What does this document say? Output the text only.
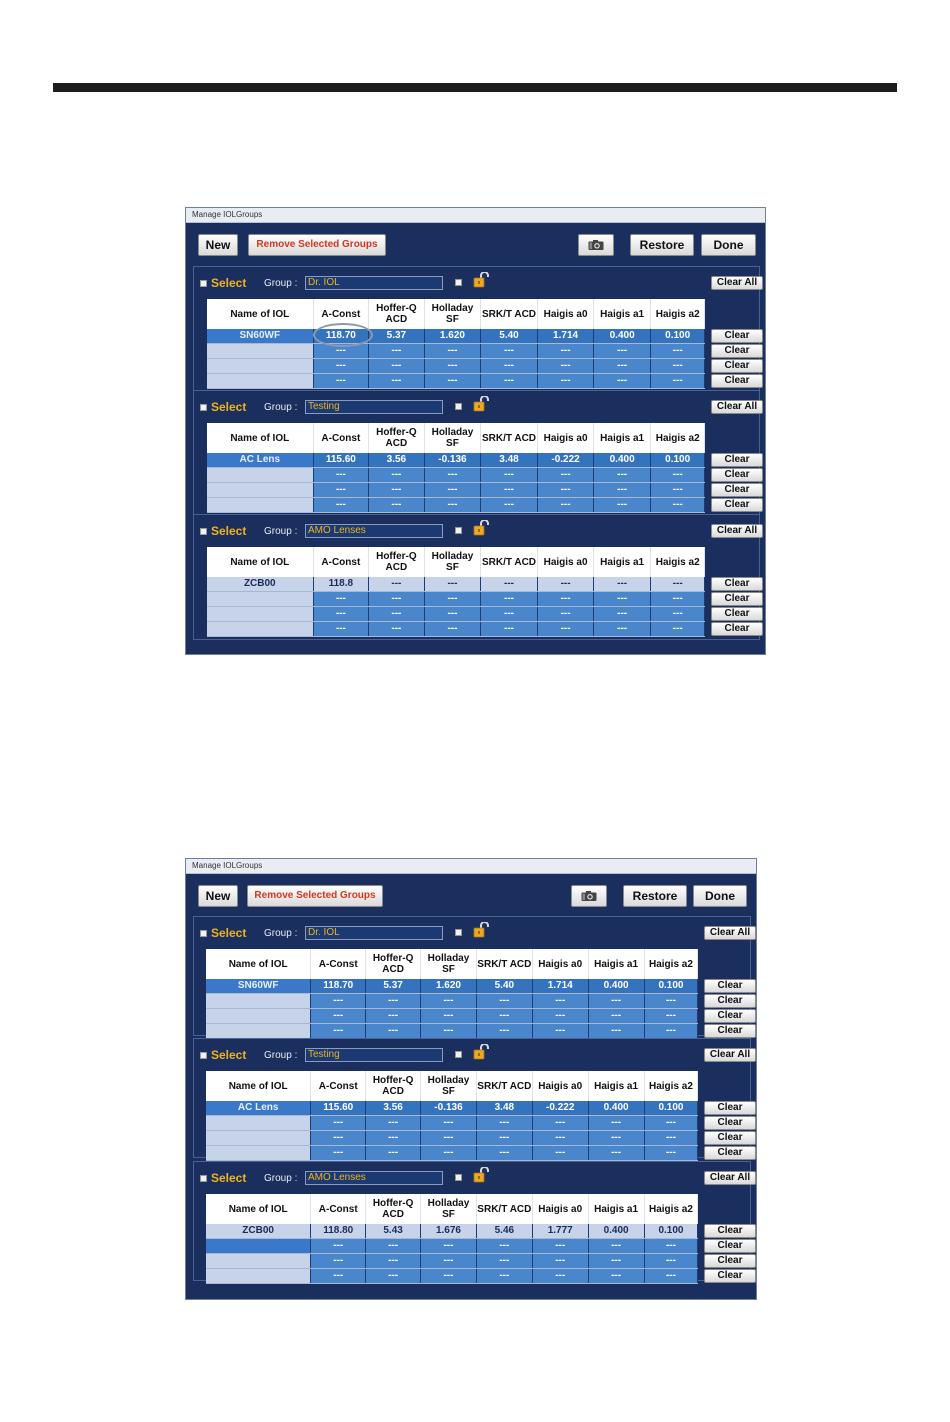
Manage IOLGroups
New	Remove Selected Groups	Restore	Done
Select Group :	Dr. IOL	Clear All
Name of IOL	A-Const	Hoffer-Q ACD	Holladay SF	SRK/T ACD	Haigis a0	Haigis a1	Haigis a2
SN60WF	118.70	5.37	1.620	5.40	1.714	0.400	0.100
	---	---	---	---	---	---	---
	---	---	---	---	---	---	---
	---	---	---	---	---	---	---
Clear
Clear
Clear
Clear
Select Group :	Testing	Clear All
Name of IOL	A-Const	Hoffer-Q ACD	Holladay SF	SRK/T ACD	Haigis a0	Haigis a1	Haigis a2
AC Lens	115.60	3.56	-0.136	3.48	-0.222	0.400	0.100
	---	---	---	---	---	---	---
	---	---	---	---	---	---	---
	---	---	---	---	---	---	---
Clear
Clear
Clear
Clear
Select Group :	AMO Lenses	Clear All
Name of IOL	A-Const	Hoffer-Q ACD	Holladay SF	SRK/T ACD	Haigis a0	Haigis a1	Haigis a2
ZCB00	118.8	---	---	---	---	---	---
	---	---	---	---	---	---	---
	---	---	---	---	---	---	---
	---	---	---	---	---	---	---
Clear
Clear
Clear
Clear
Manage IOLGroups
New	Remove Selected Groups	Restore	Done
Select Group :	Dr. IOL	Clear All
Name of IOL	A-Const	Hoffer-Q ACD	Holladay SF	SRK/T ACD	Haigis a0	Haigis a1	Haigis a2
SN60WF	118.70	5.37	1.620	5.40	1.714	0.400	0.100
	---	---	---	---	---	---	---
	---	---	---	---	---	---	---
	---	---	---	---	---	---	---
Clear
Clear
Clear
Clear
Select Group :	Testing	Clear All
Name of IOL	A-Const	Hoffer-Q ACD	Holladay SF	SRK/T ACD	Haigis a0	Haigis a1	Haigis a2
AC Lens	115.60	3.56	-0.136	3.48	-0.222	0.400	0.100
	---	---	---	---	---	---	---
	---	---	---	---	---	---	---
	---	---	---	---	---	---	---
Clear
Clear
Clear
Clear
Select Group :	AMO Lenses	Clear All
Name of IOL	A-Const	Hoffer-Q ACD	Holladay SF	SRK/T ACD	Haigis a0	Haigis a1	Haigis a2
ZCB00	118.80	5.43	1.676	5.46	1.777	0.400	0.100
	---	---	---	---	---	---	---
	---	---	---	---	---	---	---
	---	---	---	---	---	---	---
Clear
Clear
Clear
Clear
